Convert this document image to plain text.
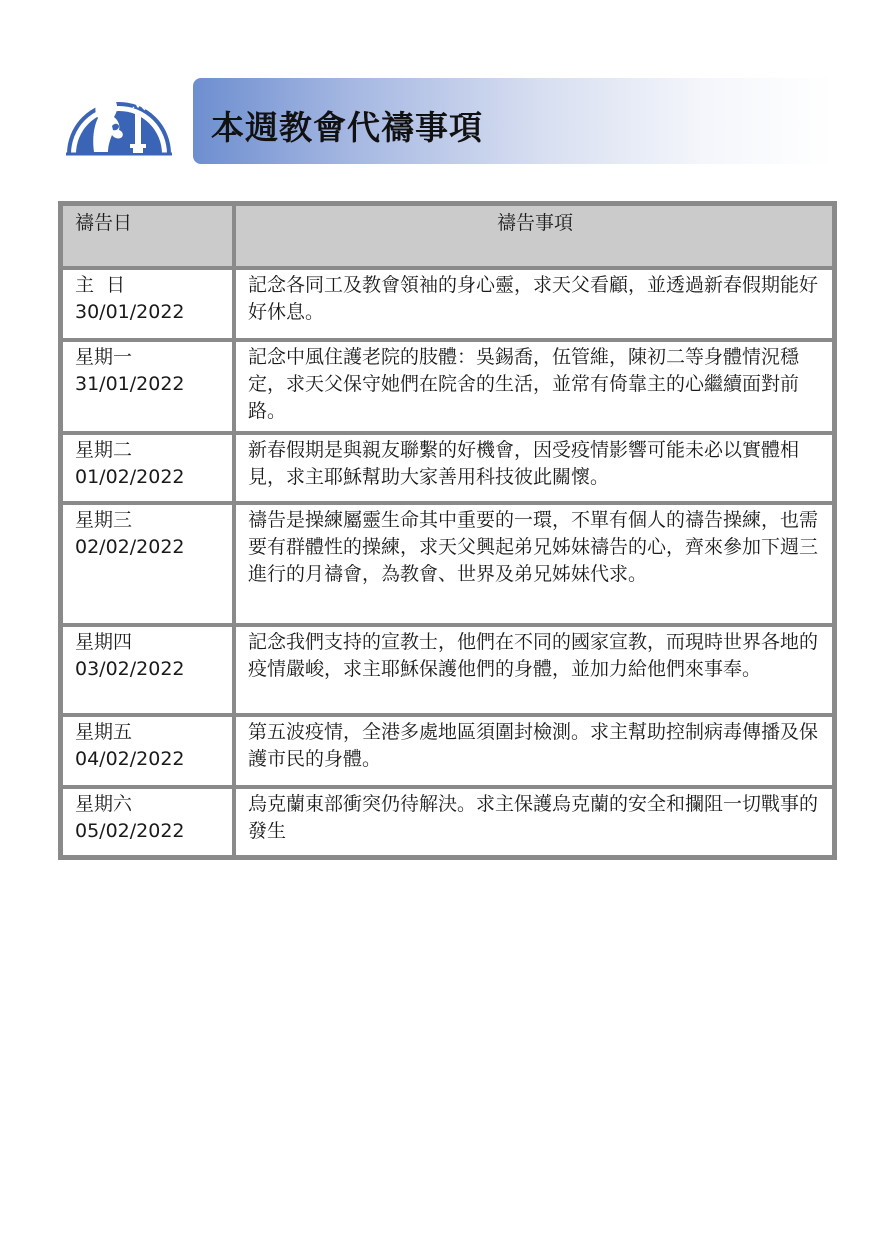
本週教會代禱事項
禱告日	禱告事項

主  日
30/01/2022	記念各同工及教會領袖的身心靈，求天父看顧，並透過新春假期能好好休息。

星期一
31/01/2022	記念中風住護老院的肢體：吳錫喬，伍管維，陳初二等身體情況穩定，求天父保守她們在院舍的生活，並常有倚靠主的心繼續面對前路。

星期二
01/02/2022	新春假期是與親友聯繫的好機會，因受疫情影響可能未必以實體相見，求主耶穌幫助大家善用科技彼此關懷。

星期三
02/02/2022	禱告是操練屬靈生命其中重要的一環，不單有個人的禱告操練，也需要有群體性的操練，求天父興起弟兄姊妹禱告的心，齊來參加下週三進行的月禱會，為教會、世界及弟兄姊妹代求。

星期四
03/02/2022	記念我們支持的宣教士，他們在不同的國家宣教，而現時世界各地的疫情嚴峻，求主耶穌保護他們的身體，並加力給他們來事奉。

星期五
04/02/2022	第五波疫情，全港多處地區須圍封檢測。求主幫助控制病毒傳播及保護市民的身體。

星期六
05/02/2022	烏克蘭東部衝突仍待解決。求主保護烏克蘭的安全和攔阻一切戰事的發生
